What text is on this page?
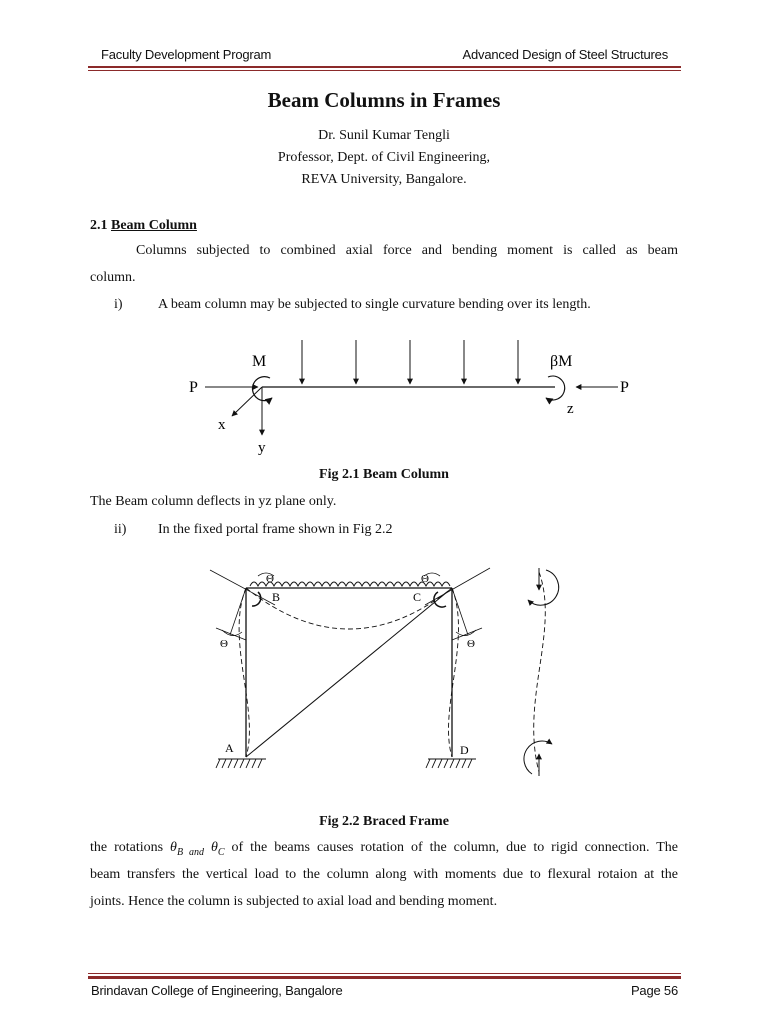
Faculty Development Program	Advanced Design of Steel Structures
Beam Columns in Frames
Dr. Sunil Kumar Tengli
Professor, Dept. of Civil Engineering,
REVA University, Bangalore.
2.1 Beam Column
Columns subjected to combined axial force and bending moment is called as beam
column.
i)	A beam column may be subjected to single curvature bending over its length.
P	P
M	βM
x
y
z
Fig 2.1 Beam Column
The Beam column deflects in yz plane only.
ii) In the fixed portal frame shown in Fig 2.2
Θ	Θ
Θ	Θ
B	C
A	D
Fig 2.2 Braced Frame
the rotations $\theta_{B and}$ $\theta_C$ of the beams causes rotation of the column, due to rigid connection. The
beam transfers the vertical load to the column along with moments due to flexural rotaion at the
joints. Hence the column is subjected to axial load and bending moment.
Brindavan College of Engineering, Bangalore	Page 56
